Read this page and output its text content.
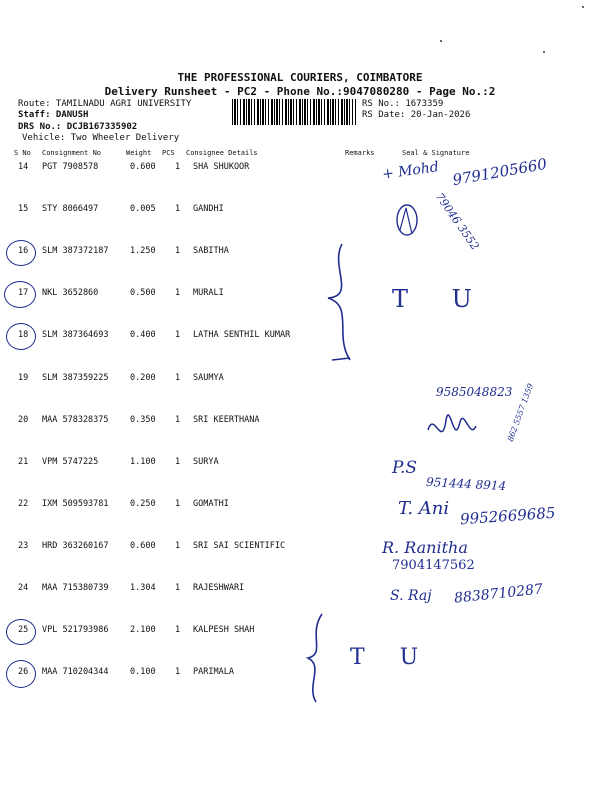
THE PROFESSIONAL COURIERS, COIMBATORE
Delivery Runsheet - PC2 - Phone No.:9047080280 - Page No.:2
Route: TAMILNADU AGRI UNIVERSITY
Staff: DANUSH
DRS No.: DCJB167335902
Vehicle: Two Wheeler Delivery
RS No.: 1673359
RS Date: 20-Jan-2026
S No Consignment No	Weight PCS Consignee Details	Remarks	Seal & Signature
14 PGT 7908578	0.600 1 SHA SHUKOOR
15 STY 8066497	0.005 1 GANDHI
16 SLM 387372187	1.250 1 SABITHA
17 NKL 3652860	0.500 1 MURALI
18 SLM 387364693	0.400 1 LATHA SENTHIL KUMAR
19 SLM 387359225	0.200 1 SAUMYA
20 MAA 578328375	0.350 1 SRI KEERTHANA
21 VPM 5747225	1.100 1 SURYA
22 IXM 509593781	0.250 1 GOMATHI
23 HRD 363260167	0.600 1 SRI SAI SCIENTIFIC
24 MAA 715380739	1.304 1 RAJESHWARI
25 VPL 521793986	2.100 1 KALPESH SHAH
26 MAA 710204344	0.100 1 PARIMALA
+ Mohd 9791205660
79046 3552
T U
9585048823
862 5557 1359
P.S
951444 8914
T. Ani 9952669685
R. Ranitha
7904147562
S. Raj 8838710287
T U
